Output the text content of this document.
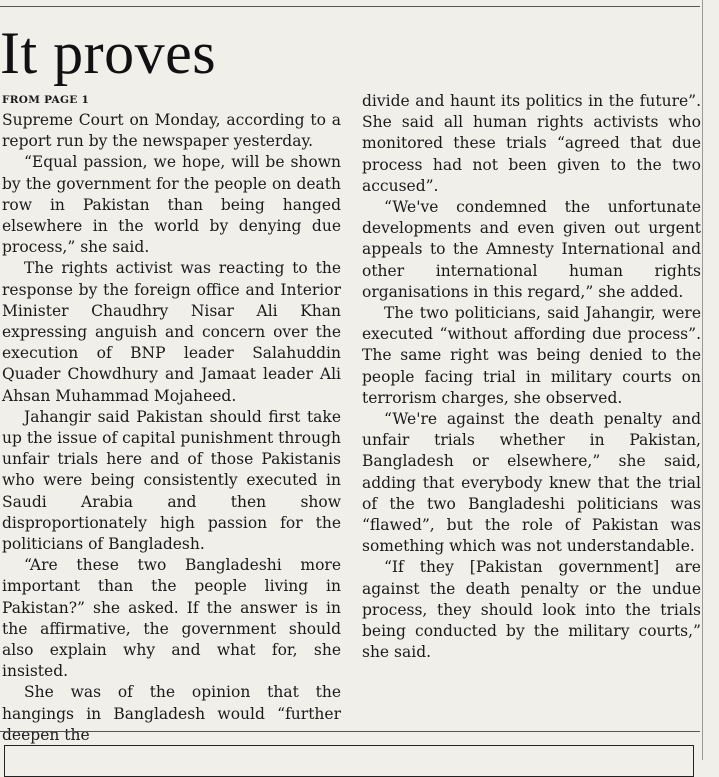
It proves
FROM PAGE 1

Supreme Court on Monday, according to a report run by the newspaper yesterday.

“Equal passion, we hope, will be shown by the government for the people on death row in Pakistan than being hanged elsewhere in the world by denying due process,” she said.

The rights activist was reacting to the response by the foreign office and Interior Minister Chaudhry Nisar Ali Khan expressing anguish and concern over the execution of BNP leader Salahuddin Quader Chowdhury and Jamaat leader Ali Ahsan Muhammad Mojaheed.

Jahangir said Pakistan should first take up the issue of capital punishment through unfair trials here and of those Pakistanis who were being consistently executed in Saudi Arabia and then show disproportionately high passion for the politicians of Bangladesh.

“Are these two Bangladeshi more important than the people living in Pakistan?” she asked. If the answer is in the affirmative, the government should also explain why and what for, she insisted.

She was of the opinion that the hangings in Bangladesh would “further deepen the

divide and haunt its politics in the future”. She said all human rights activists who monitored these trials “agreed that due process had not been given to the two accused”.

“We've condemned the unfortunate developments and even given out urgent appeals to the Amnesty International and other international human rights organisations in this regard,” she added.

The two politicians, said Jahangir, were executed “without affording due process”. The same right was being denied to the people facing trial in military courts on terrorism charges, she observed.

“We're against the death penalty and unfair trials whether in Pakistan, Bangladesh or elsewhere,” she said, adding that everybody knew that the trial of the two Bangladeshi politicians was “flawed”, but the role of Pakistan was something which was not understandable.

“If they [Pakistan government] are against the death penalty or the undue process, they should look into the trials being conducted by the military courts,” she said.
